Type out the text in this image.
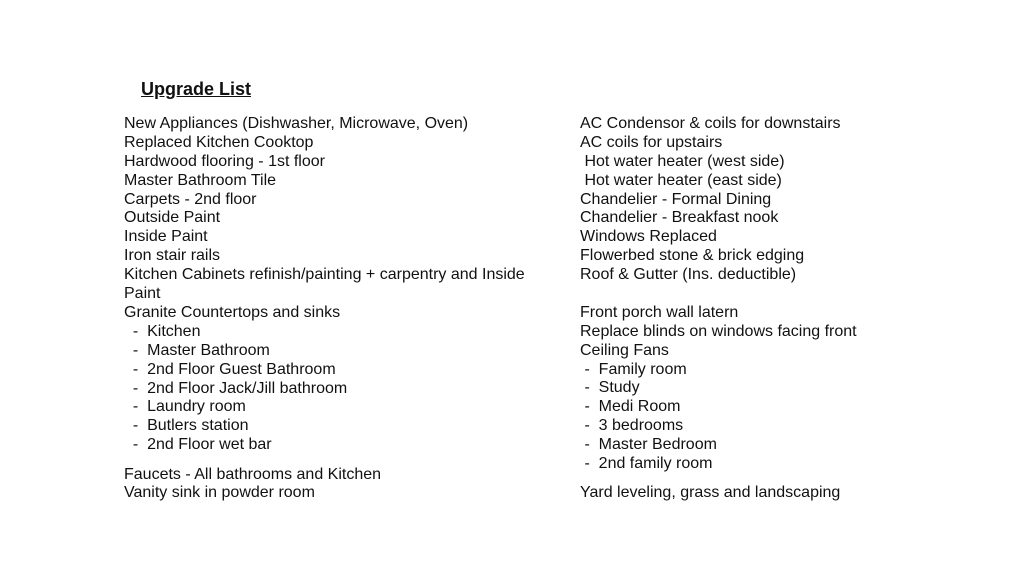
Upgrade List
New Appliances (Dishwasher, Microwave, Oven)
Replaced Kitchen Cooktop
Hardwood flooring - 1st floor
Master Bathroom Tile
Carpets - 2nd floor
Outside Paint
Inside Paint
Iron stair rails
Kitchen Cabinets refinish/painting + carpentry and Inside Paint
Granite Countertops and sinks
-  Kitchen
-  Master Bathroom
-  2nd Floor Guest Bathroom
-  2nd Floor Jack/Jill bathroom
-  Laundry room
-  Butlers station
-  2nd Floor wet bar
Faucets - All bathrooms and Kitchen
Vanity sink in powder room
AC Condensor & coils for downstairs
AC coils for upstairs
Hot water heater (west side)
Hot water heater (east side)
Chandelier - Formal Dining
Chandelier - Breakfast nook
Windows Replaced
Flowerbed stone & brick edging
Roof & Gutter (Ins. deductible)
Front porch wall latern
Replace blinds on windows facing front
Ceiling Fans
-  Family room
-  Study
-  Medi Room
-  3 bedrooms
-  Master Bedroom
-  2nd family room
Yard leveling, grass and landscaping
